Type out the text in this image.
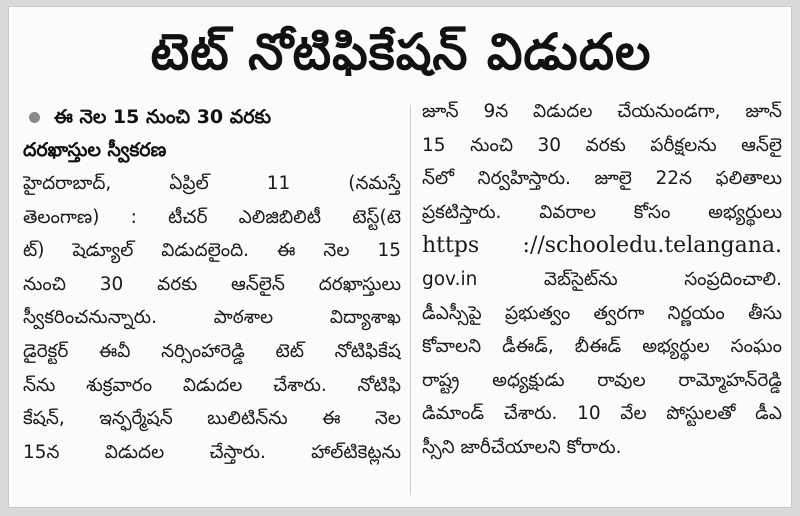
టెట్ నోటిఫికేషన్ విడుదల
ఈ నెల 15 నుంచి 30 వరకు
దరఖాస్తుల స్వీకరణ
హైదరాబాద్, ఏప్రిల్ 11 (నమస్తే
తెలంగాణ) : టీచర్ ఎలిజిబిలిటీ టెస్ట్(టె
ట్) షెడ్యూల్ విడుదలైంది. ఈ నెల 15
నుంచి 30 వరకు ఆన్‌లైన్ దరఖాస్తులు
స్వీకరించనున్నారు. పాఠశాల విద్యాశాఖ
డైరెక్టర్ ఈవీ నర్సింహారెడ్డి టెట్ నోటిఫికేష
న్‌ను శుక్రవారం విడుదల చేశారు. నోటిఫి
కేషన్, ఇన్ఫర్మేషన్ బులిటిన్‌ను ఈ నెల
15న విడుదల చేస్తారు. హాల్‌టికెట్లను
జూన్ 9న విడుదల చేయనుండగా, జూన్
15 నుంచి 30 వరకు పరీక్షలను ఆన్‌లై
న్‌లో నిర్వహిస్తారు. జూలై 22న ఫలితాలు
ప్రకటిస్తారు. వివరాల కోసం అభ్యర్థులు
https ://schooledu.telangana.
gov.in వెబ్‌సైట్‌ను సంప్రదించాలి.
డీఎస్సీపై ప్రభుత్వం త్వరగా నిర్ణయం తీసు
కోవాలని డీఈడ్, బీఈడ్ అభ్యర్థుల సంఘం
రాష్ట్ర అధ్యక్షుడు రావుల రామ్మోహన్‌రెడ్డి
డిమాండ్ చేశారు. 10 వేల పోస్టులతో డీఎ
స్సీని జారీచేయాలని కోరారు.
